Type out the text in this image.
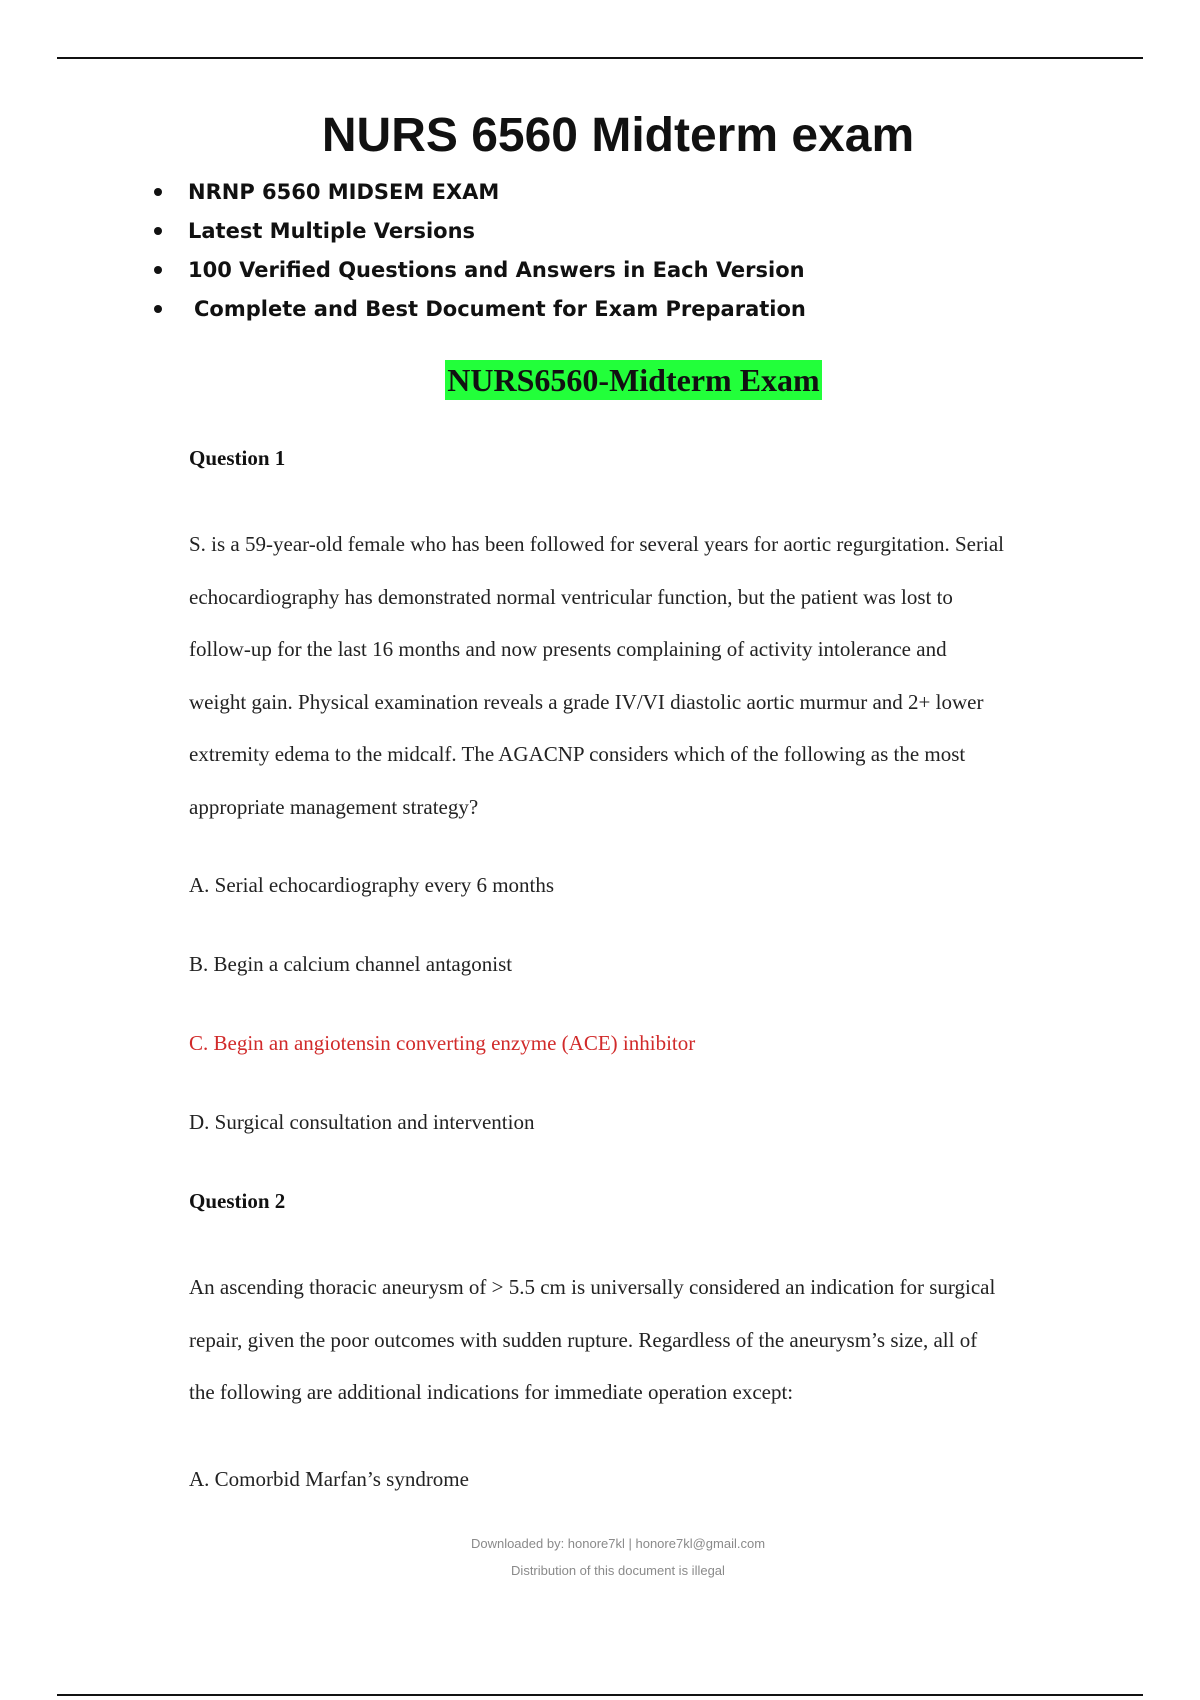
NURS 6560 Midterm exam
NRNP 6560 MIDSEM EXAM
Latest Multiple Versions
100 Verified Questions and Answers in Each Version
Complete and Best Document for Exam Preparation
NURS6560-Midterm Exam

Question 1

S. is a 59-year-old female who has been followed for several years for aortic regurgitation. Serial

echocardiography has demonstrated normal ventricular function, but the patient was lost to

follow-up for the last 16 months and now presents complaining of activity intolerance and

weight gain. Physical examination reveals a grade IV/VI diastolic aortic murmur and 2+ lower

extremity edema to the midcalf. The AGACNP considers which of the following as the most

appropriate management strategy?

A. Serial echocardiography every 6 months

B. Begin a calcium channel antagonist

C. Begin an angiotensin converting enzyme (ACE) inhibitor

D. Surgical consultation and intervention

Question 2

An ascending thoracic aneurysm of > 5.5 cm is universally considered an indication for surgical

repair, given the poor outcomes with sudden rupture. Regardless of the aneurysm’s size, all of

the following are additional indications for immediate operation except:

A. Comorbid Marfan’s syndrome

Downloaded by: honore7kl | honore7kl@gmail.com
Distribution of this document is illegal
